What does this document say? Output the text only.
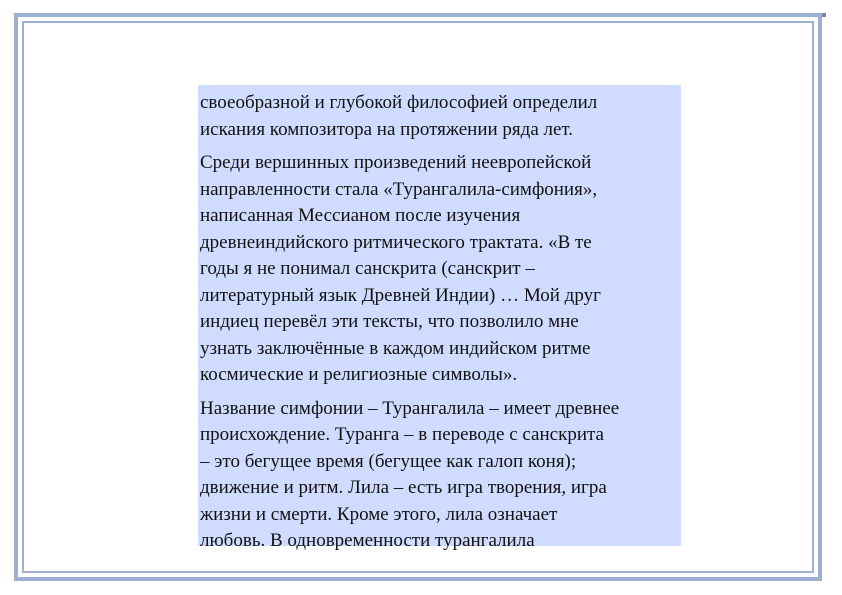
своеобразной и глубокой философией определил
искания композитора на протяжении ряда лет.
Среди вершинных произведений неевропейской
направленности стала «Турангалила-симфония»,
написанная Мессианом после изучения
древнеиндийского ритмического трактата. «В те
годы я не понимал санскрита (санскрит –
литературный язык Древней Индии) … Мой друг
индиец перевёл эти тексты, что позволило мне
узнать заключённые в каждом индийском ритме
космические и религиозные символы».
Название симфонии – Турангалила – имеет древнее
происхождение. Туранга – в переводе с санскрита
– это бегущее время (бегущее как галоп коня);
движение и ритм. Лила – есть игра творения, игра
жизни и смерти. Кроме этого, лила означает
любовь. В одновременности турангалила
